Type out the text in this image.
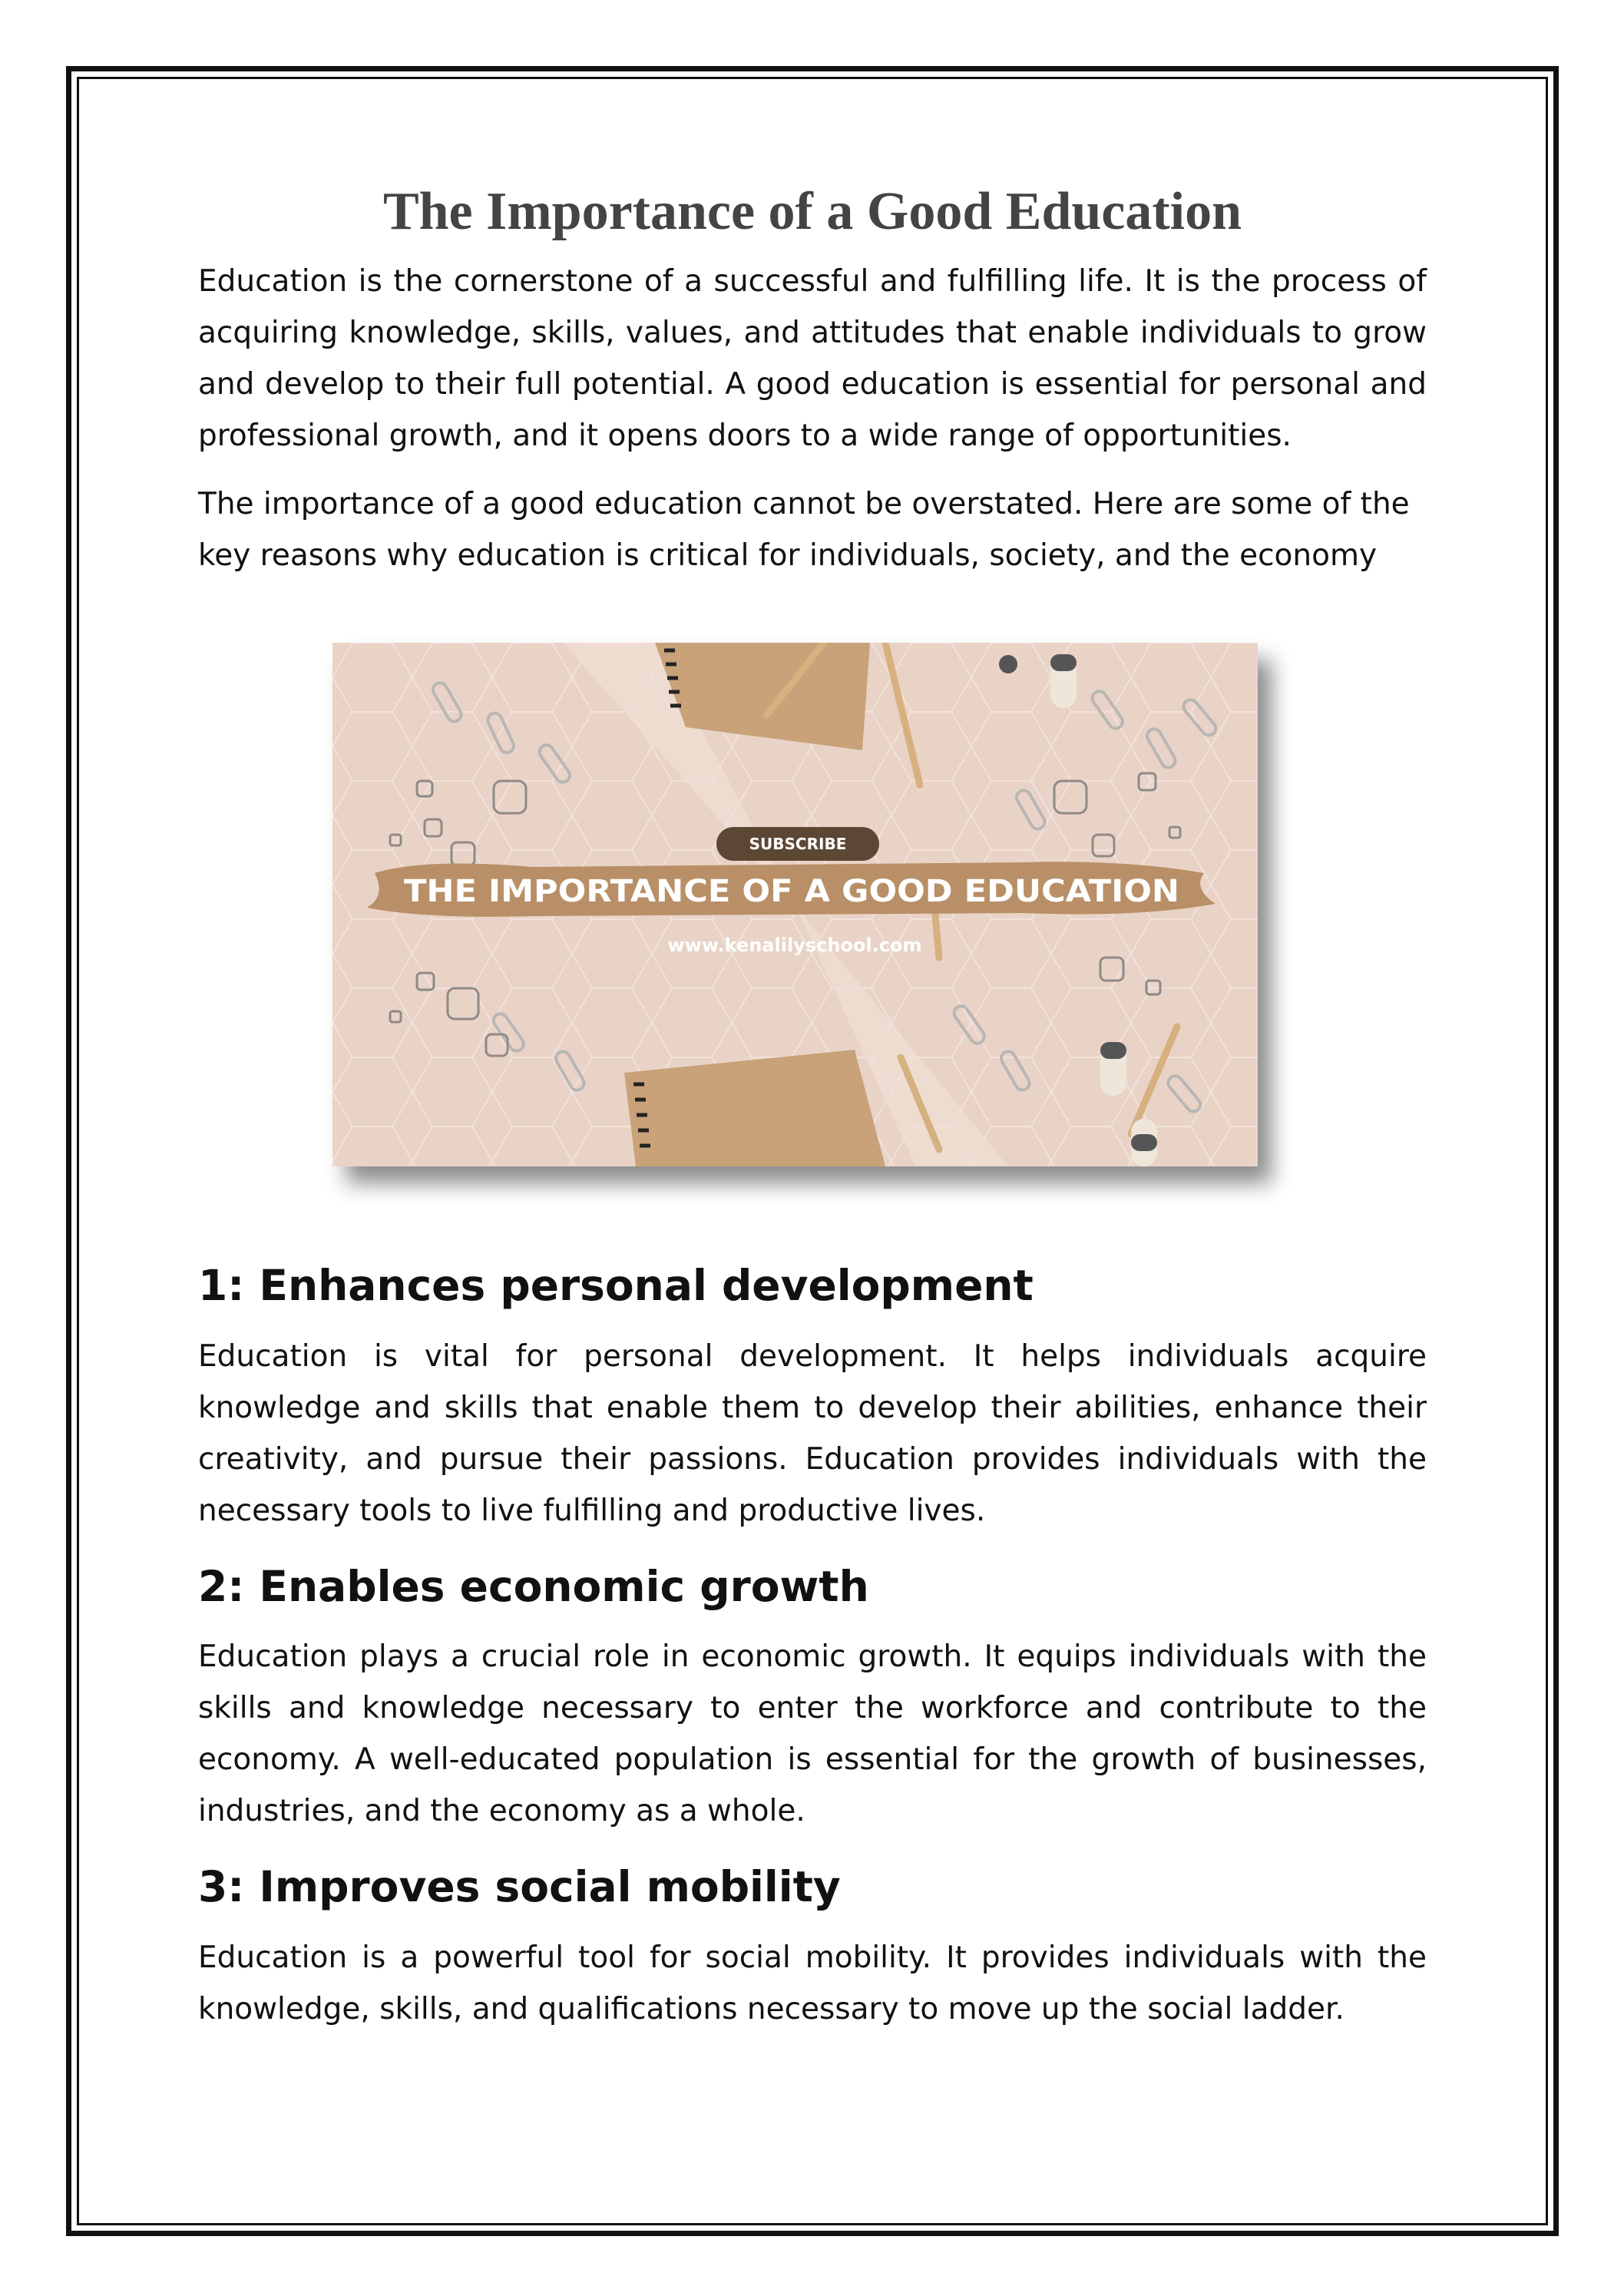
The Importance of a Good Education

Education is the cornerstone of a successful and fulfilling life. It is the process of acquiring knowledge, skills, values, and attitudes that enable individuals to grow and develop to their full potential. A good education is essential for personal and professional growth, and it opens doors to a wide range of opportunities.

The importance of a good education cannot be overstated. Here are some of the key reasons why education is critical for individuals, society, and the economy

SUBSCRIBE
THE IMPORTANCE OF A GOOD EDUCATION
www.kenalilyschool.com
1: Enhances personal development

Education is vital for personal development. It helps individuals acquire knowledge and skills that enable them to develop their abilities, enhance their creativity, and pursue their passions. Education provides individuals with the necessary tools to live fulfilling and productive lives.

2: Enables economic growth

Education plays a crucial role in economic growth. It equips individuals with the skills and knowledge necessary to enter the workforce and contribute to the economy. A well-educated population is essential for the growth of businesses, industries, and the economy as a whole.

3: Improves social mobility

Education is a powerful tool for social mobility. It provides individuals with the knowledge, skills, and qualifications necessary to move up the social ladder.
